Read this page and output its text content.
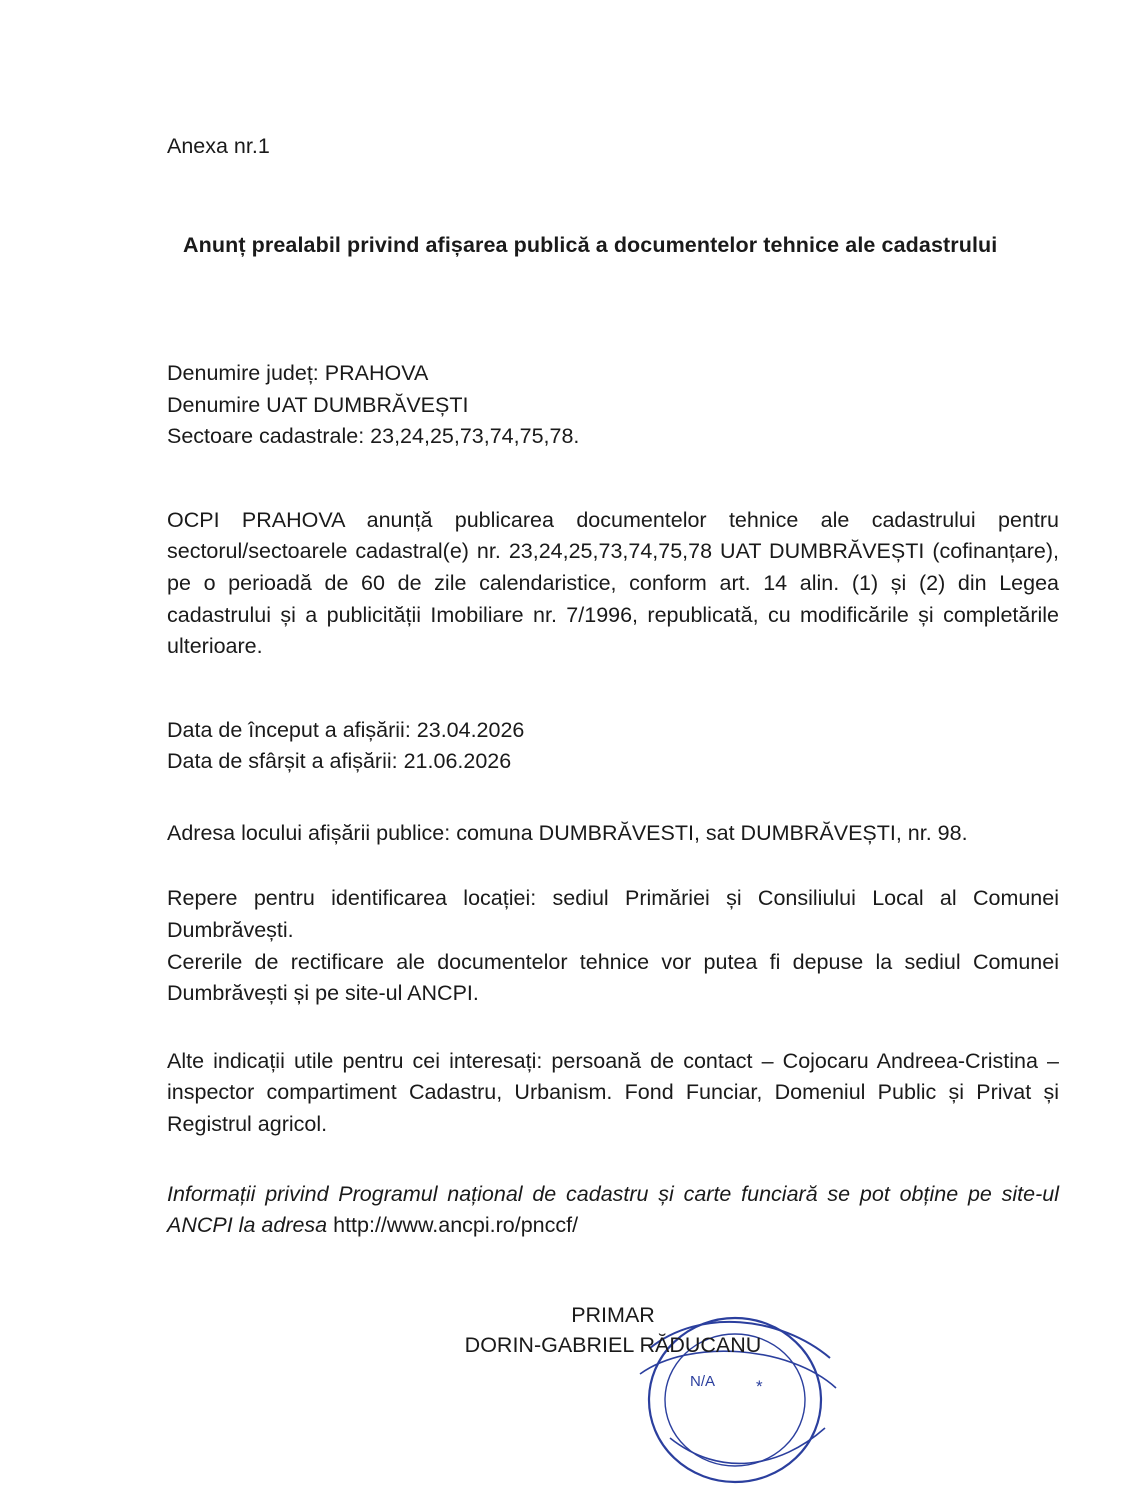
Anexa nr.1
Anunț prealabil privind afișarea publică a documentelor tehnice ale cadastrului
Denumire județ: PRAHOVA
Denumire UAT DUMBRĂVEȘTI
Sectoare cadastrale: 23,24,25,73,74,75,78.
OCPI PRAHOVA anunță publicarea documentelor tehnice ale cadastrului pentru sectorul/sectoarele cadastral(e) nr. 23,24,25,73,74,75,78 UAT DUMBRĂVEȘTI (cofinanțare), pe o perioadă de 60 de zile calendaristice, conform art. 14 alin. (1) și (2) din Legea cadastrului și a publicității Imobiliare nr. 7/1996, republicată, cu modificările și completările ulterioare.
Data de început a afișării: 23.04.2026
Data de sfârșit a afișării: 21.06.2026
Adresa locului afișării publice: comuna DUMBRĂVESTI, sat DUMBRĂVEȘTI, nr. 98.
Repere pentru identificarea locației: sediul Primăriei și Consiliului Local al Comunei Dumbrăvești.
Cererile de rectificare ale documentelor tehnice vor putea fi depuse la sediul Comunei Dumbrăvești și pe site-ul ANCPI.
Alte indicații utile pentru cei interesați: persoană de contact – Cojocaru Andreea-Cristina – inspector compartiment Cadastru, Urbanism. Fond Funciar, Domeniul Public și Privat și Registrul agricol.
Informații privind Programul național de cadastru și carte funciară se pot obține pe site-ul ANCPI la adresa http://www.ancpi.ro/pnccf/
N/A *
PRIMAR
DORIN-GABRIEL RĂDUCANU
